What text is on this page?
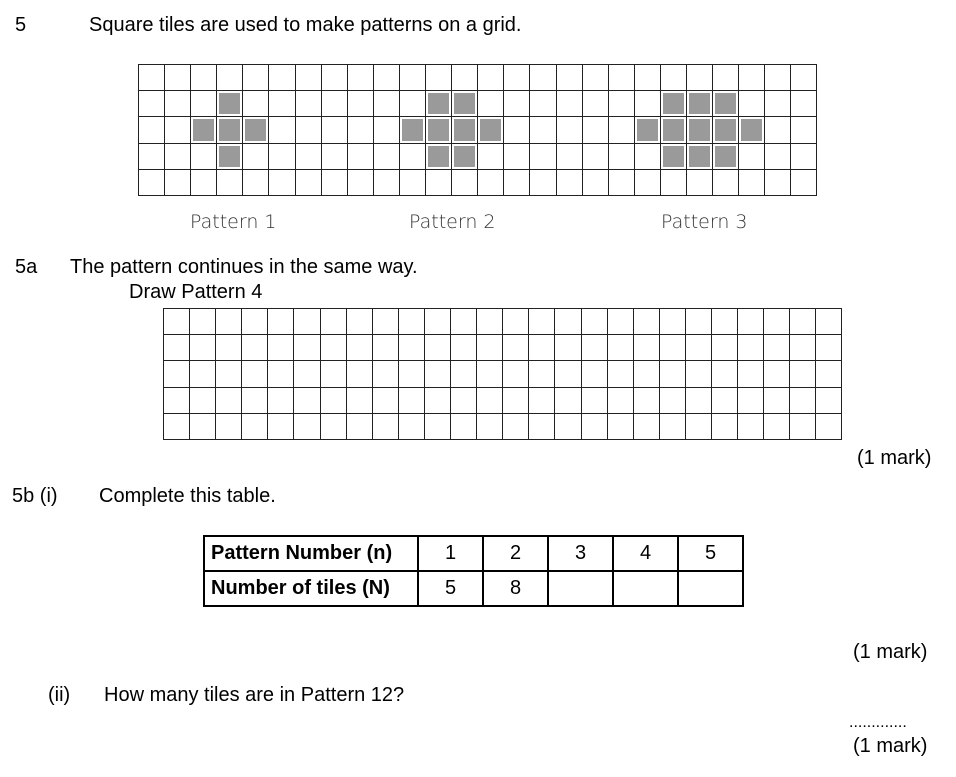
5	Square tiles are used to make patterns on a grid.
Pattern 1	Pattern 2	Pattern 3
5a The pattern continues in the same way.
Draw Pattern 4
(1 mark)
5b (i) Complete this table.
Pattern Number (n)	1	2	3	4	5
Number of tiles (N)	5	8			
(1 mark)
(ii) How many tiles are in Pattern 12?
.............
(1 mark)
